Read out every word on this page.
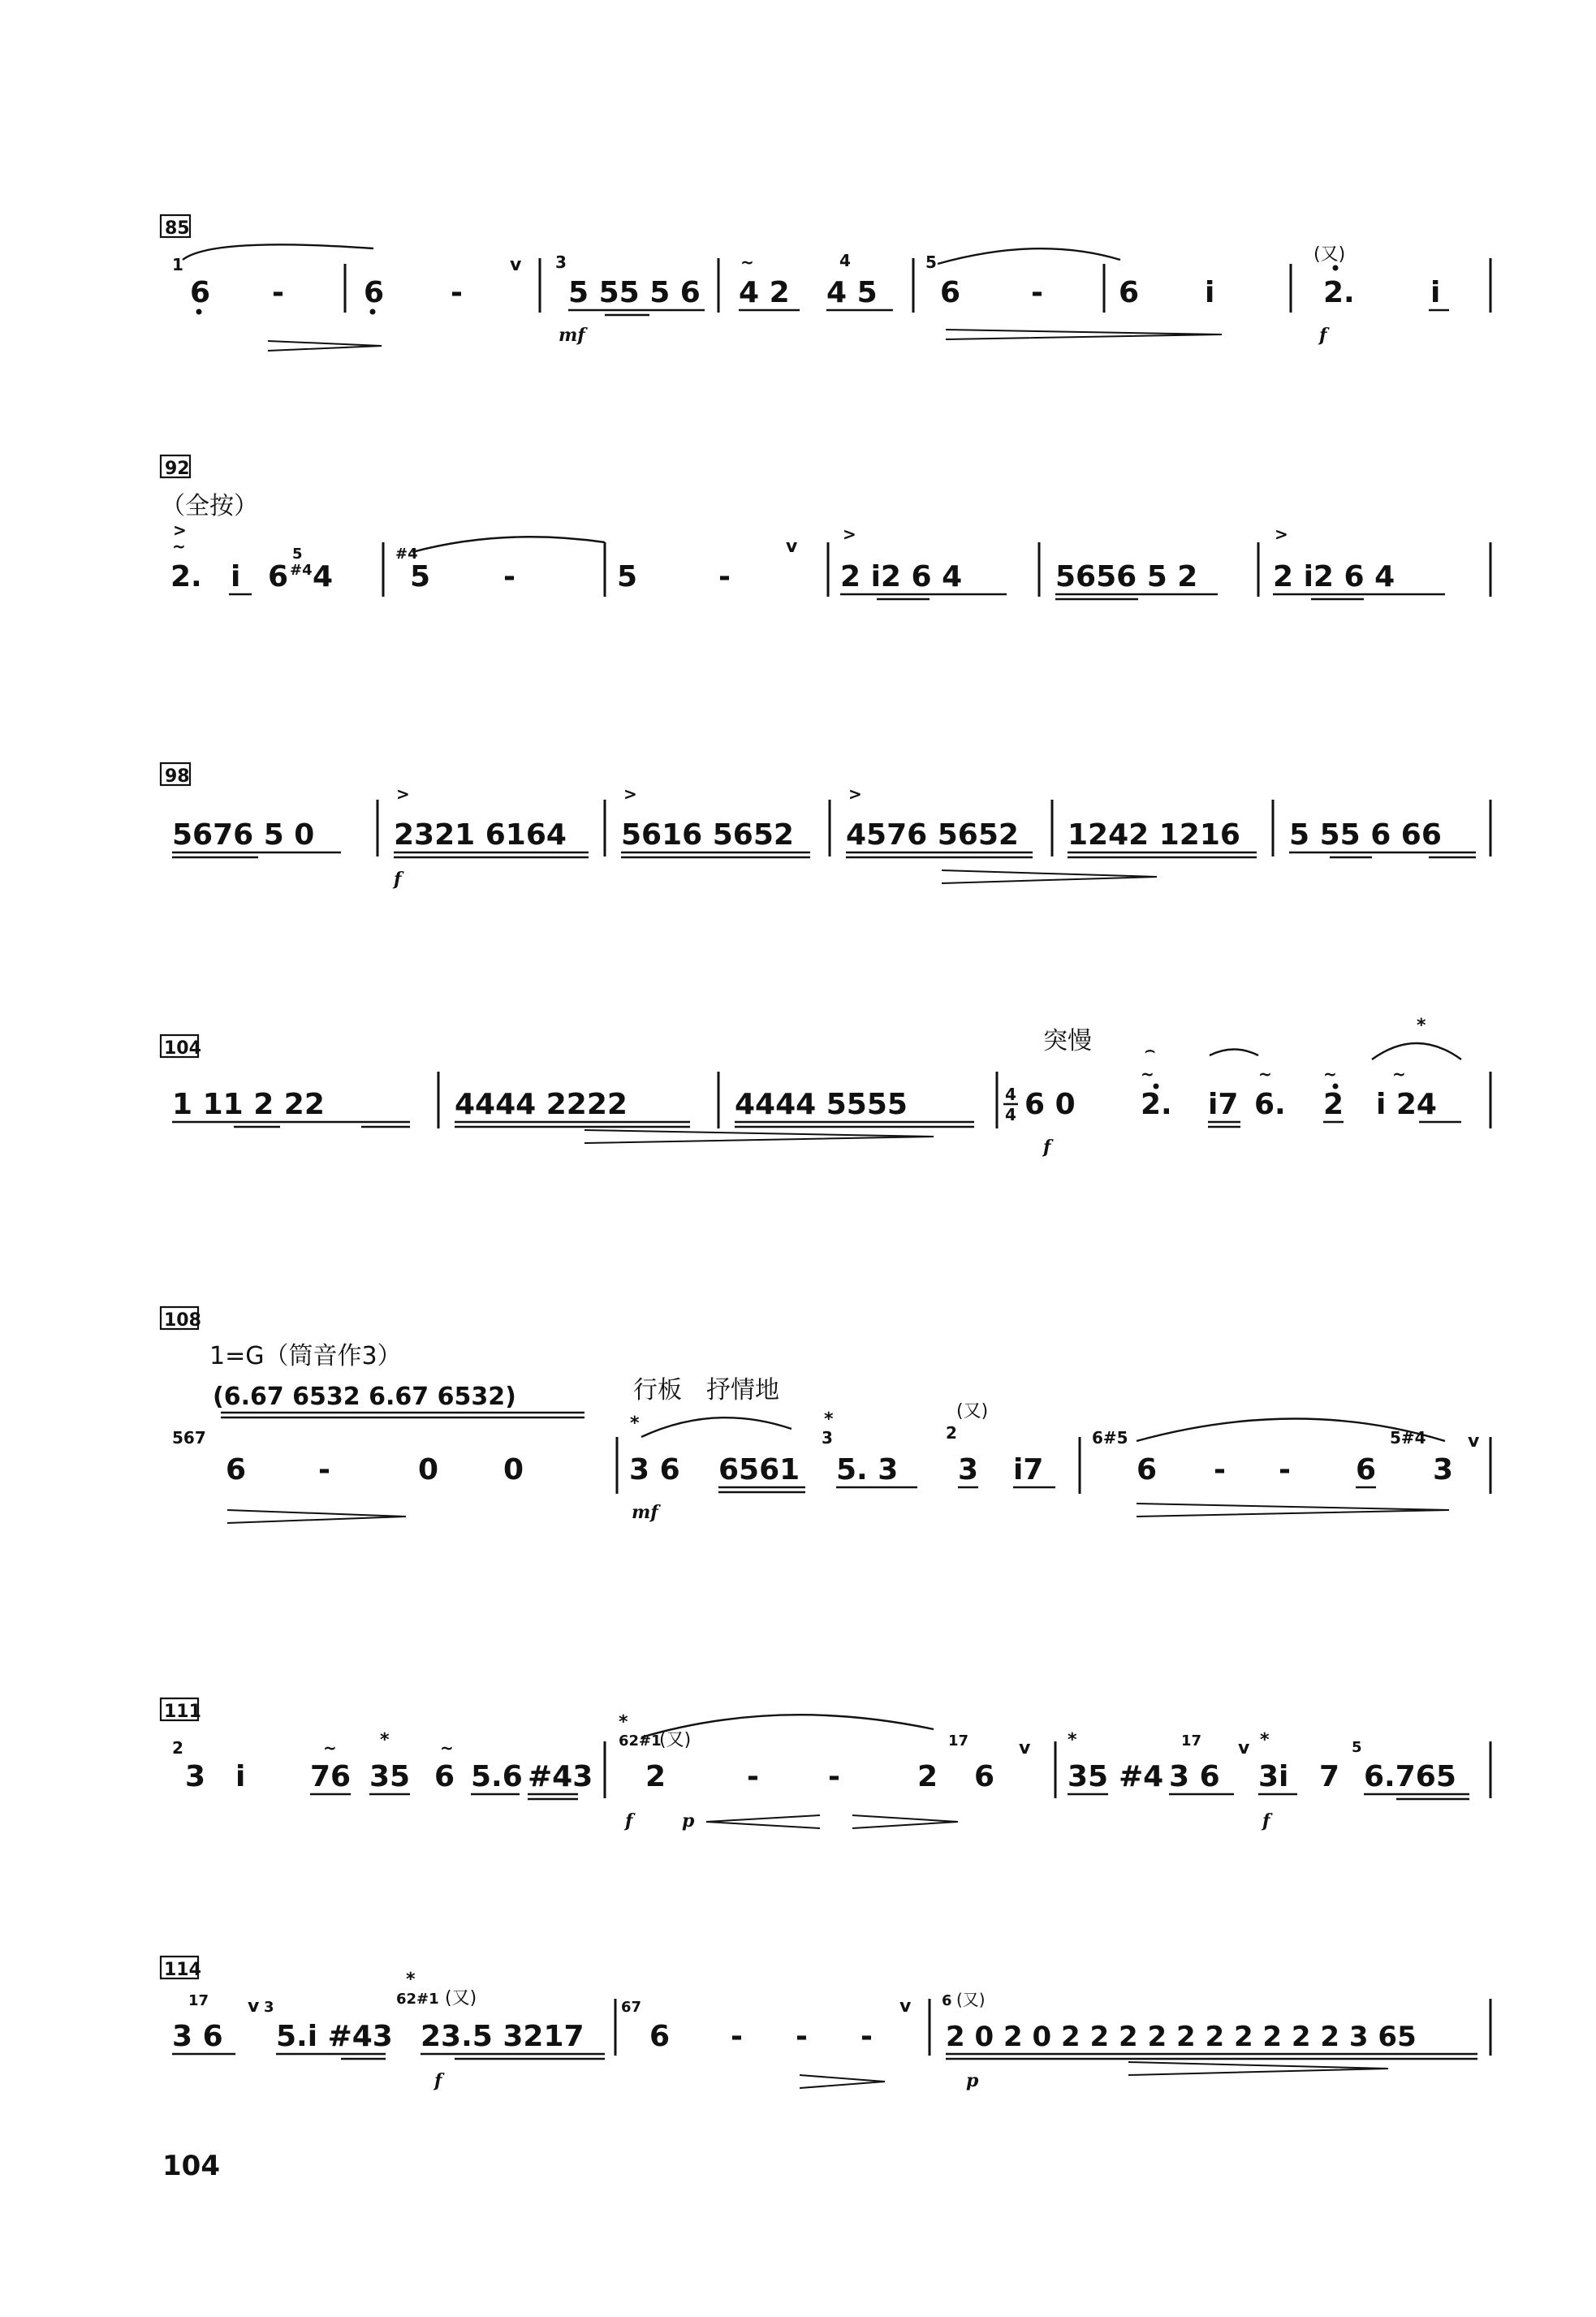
85
1
6 -	6 -
v 3
5 55 5 6
mf
~
4 2
4
4 5
5
6 -	6 i
(又)
2.	i
f
92
（全按）
>
~
2. i 6
5
#4 4
#4
5 -	5	-
v
>
2 i2 6 4	5656 5 2
>
2 i2 6 4
98
5676 5 0
>
2321 6164
f
>
5616 5652
>
4576 5652 1242 1216 5 55 6 66
104	突慢
1 11 2 22	4444 2222	4444 5555	4
4 6 0
f
⌢
~
2. i7
~
6.
~
2
*
~
i 24
108
1=G（筒音作3）
(6.67 6532 6.67 6532)	行板　抒情地
567
6 -	0 0
*
3 6 6561
mf
*
3
5. 3
(又)
2
3 i7
6#5
6 - - 6
5#4
3
v
111
2
3 i
~
76
*
35
~
6 5.6 #43
*
62#1
(又)
2	- -	2
17
6
v
f	p
*
35 #4
17
3 6
v *
3i 7
5
6.765
f
114
17
3 6
v 3
5.i #43
*
62#1 (又)
23.5 3217
f
67
6 - - -
v 6 (又)
2 0 2 0 2 2 2 2 2 2 2 2 2 2 3 65
p
104
